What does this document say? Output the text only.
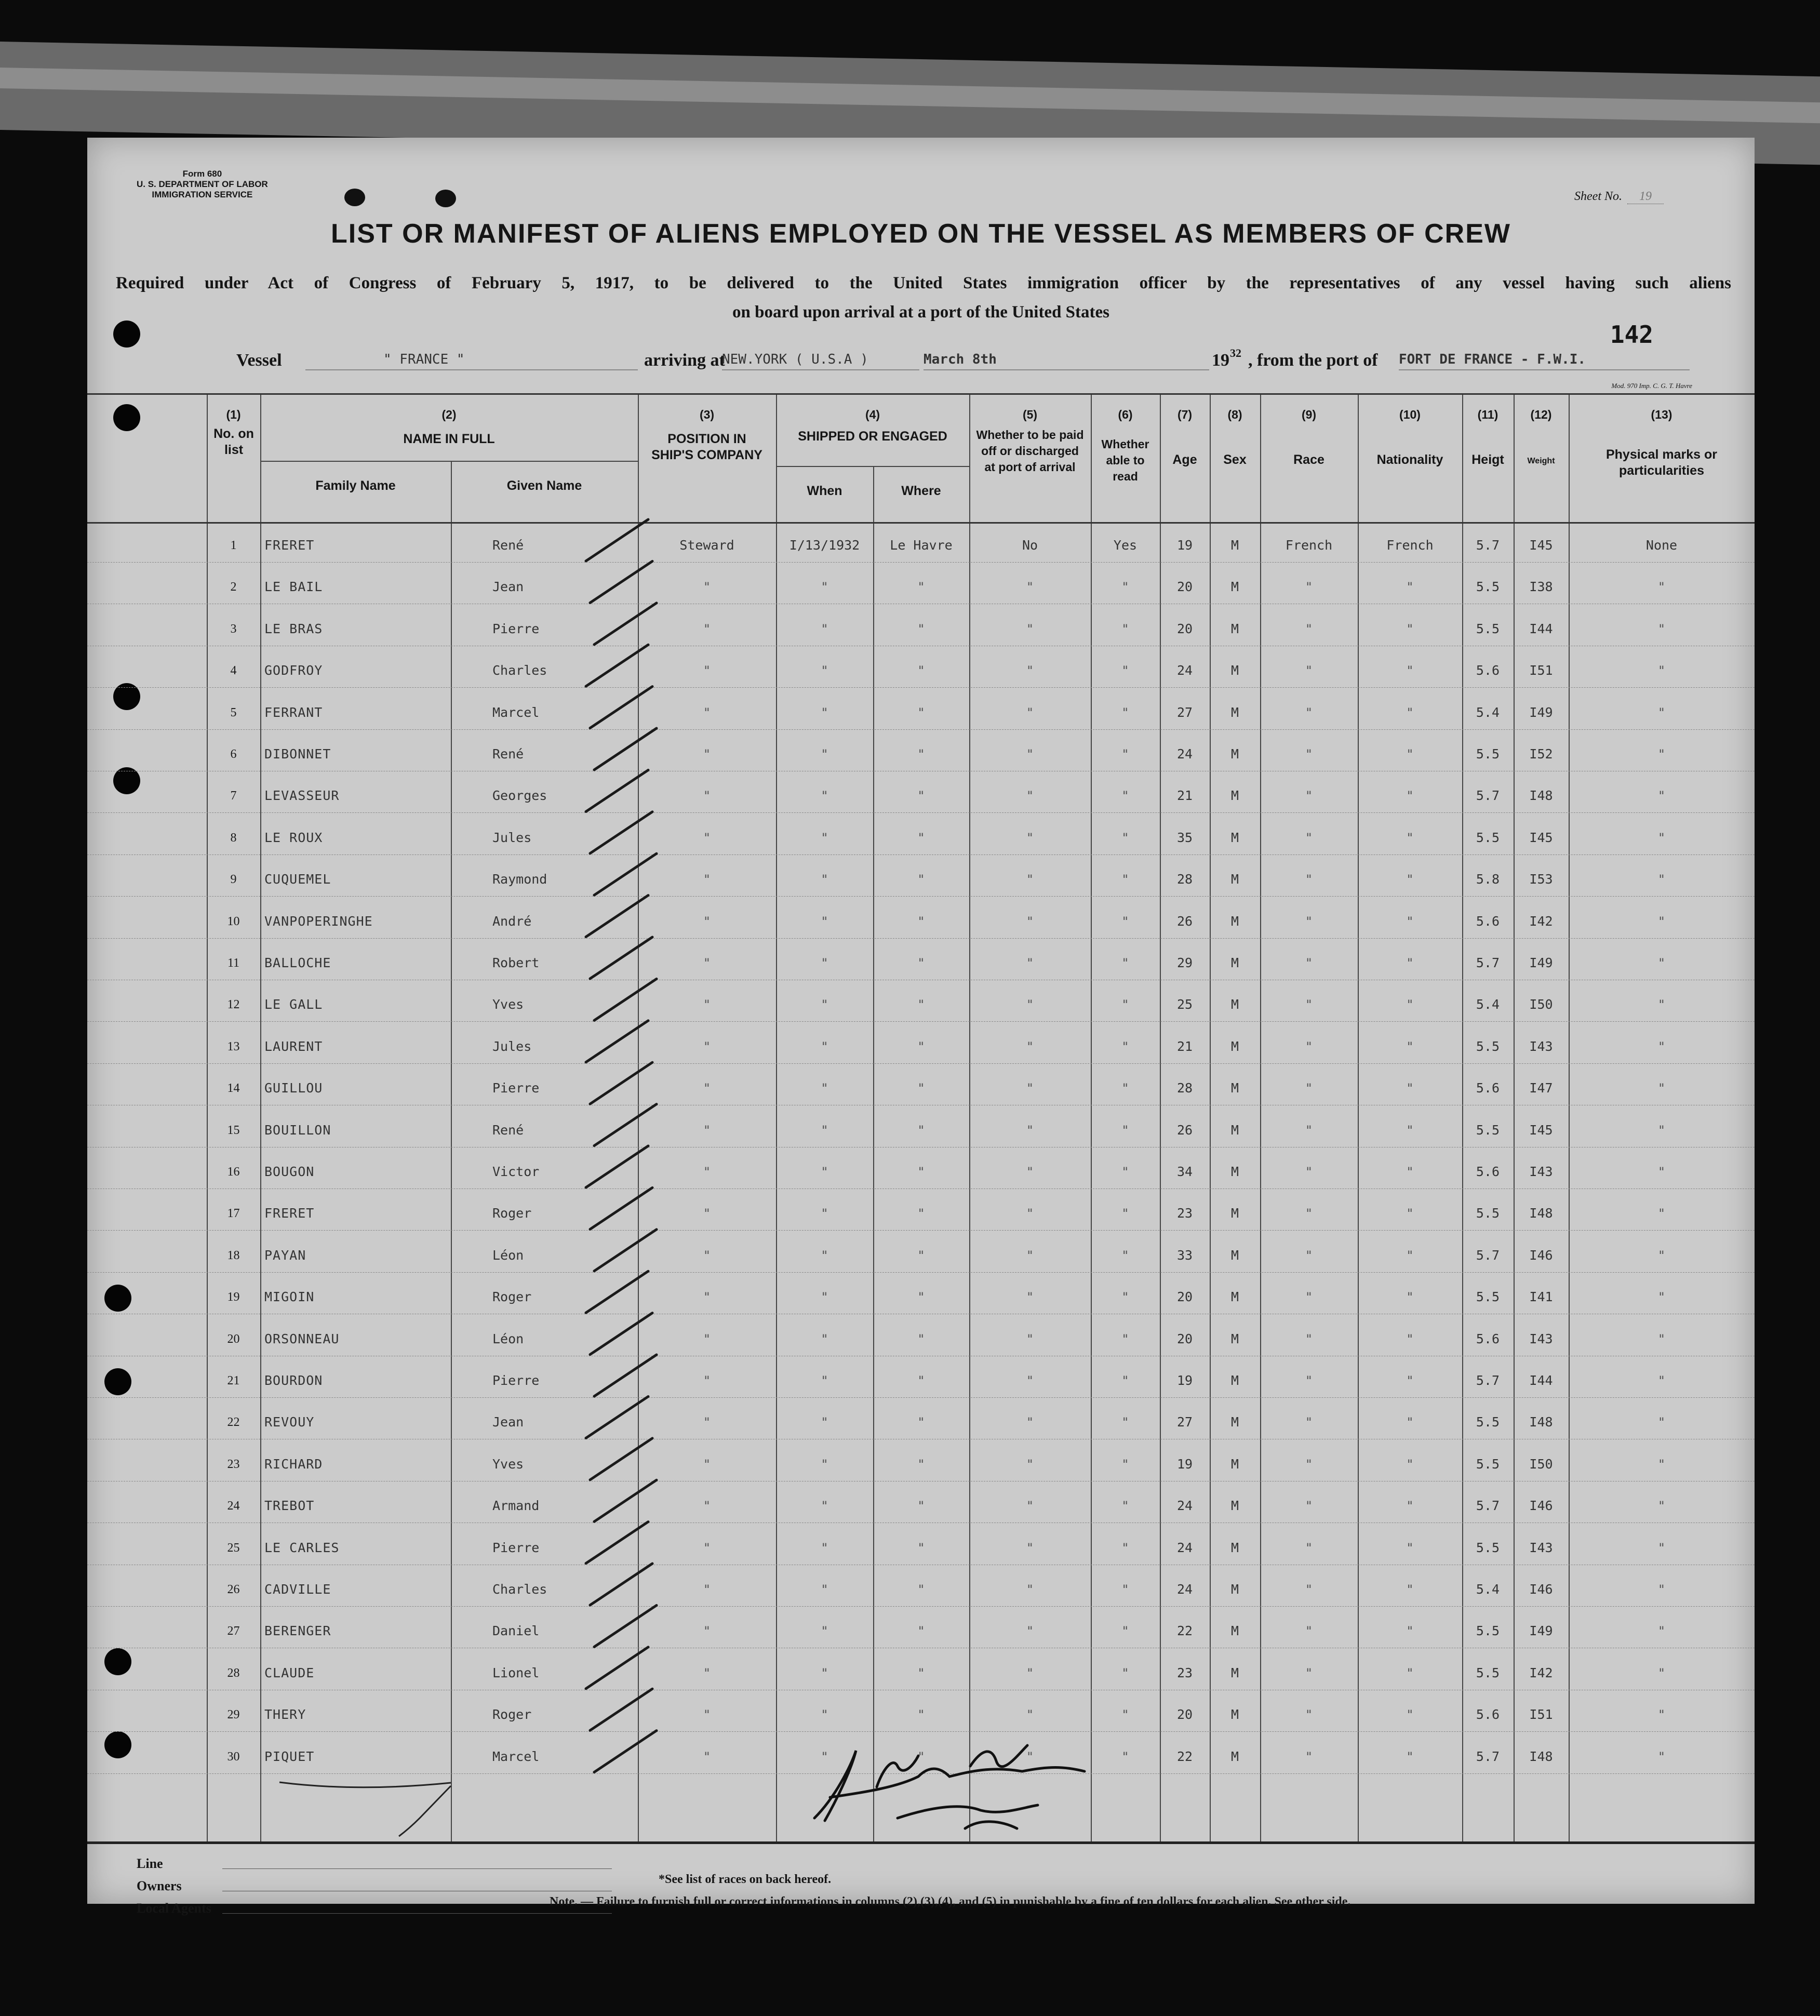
Form 680
U. S. DEPARTMENT OF LABOR
IMMIGRATION SERVICE	Sheet No. 19
LIST OR MANIFEST OF ALIENS EMPLOYED ON THE VESSEL AS MEMBERS OF CREW
Required under Act of Congress of February 5, 1917, to be delivered to the United States immigration officer by the representatives of any vessel having such aliens
on board upon arrival at a port of the United States
142
Vessel	" FRANCE "	arriving at
NEW.YORK ( U.S.A )	March 8th	19 32 , from the port of FORT DE FRANCE - F.W.I.
Mod. 970 Imp. C. G. T. Havre
(1)
No. on list
(2)
NAME IN FULL
Family Name	Given Name
(3)
POSITION IN SHIP'S COMPANY
(4)
SHIPPED OR ENGAGED
When	Where
(5)
Whether to be paid off or discharged at port of arrival
(6)
Whether able to read
(7)
Age
(8)
Sex
(9)
Race
(10)
Nationality
(11)
Heigt
(12)
Weight
(13)
Physical marks or particularities
1	FRERET	René	Steward	I/13/1932	Le Havre	No	Yes	19	M	French	French	5.7	I45	None
2	LE BAIL	Jean	"	"	"	"	"	20	M	"	"	5.5	I38	"
3	LE BRAS	Pierre	"	"	"	"	"	20	M	"	"	5.5	I44	"
4	GODFROY	Charles	"	"	"	"	"	24	M	"	"	5.6	I51	"
5	FERRANT	Marcel	"	"	"	"	"	27	M	"	"	5.4	I49	"
6	DIBONNET	René	"	"	"	"	"	24	M	"	"	5.5	I52	"
7	LEVASSEUR	Georges	"	"	"	"	"	21	M	"	"	5.7	I48	"
8	LE ROUX	Jules	"	"	"	"	"	35	M	"	"	5.5	I45	"
9	CUQUEMEL	Raymond	"	"	"	"	"	28	M	"	"	5.8	I53	"
10	VANPOPERINGHE	André	"	"	"	"	"	26	M	"	"	5.6	I42	"
11	BALLOCHE	Robert	"	"	"	"	"	29	M	"	"	5.7	I49	"
12	LE GALL	Yves	"	"	"	"	"	25	M	"	"	5.4	I50	"
13	LAURENT	Jules	"	"	"	"	"	21	M	"	"	5.5	I43	"
14	GUILLOU	Pierre	"	"	"	"	"	28	M	"	"	5.6	I47	"
15	BOUILLON	René	"	"	"	"	"	26	M	"	"	5.5	I45	"
16	BOUGON	Victor	"	"	"	"	"	34	M	"	"	5.6	I43	"
17	FRERET	Roger	"	"	"	"	"	23	M	"	"	5.5	I48	"
18	PAYAN	Léon	"	"	"	"	"	33	M	"	"	5.7	I46	"
19	MIGOIN	Roger	"	"	"	"	"	20	M	"	"	5.5	I41	"
20	ORSONNEAU	Léon	"	"	"	"	"	20	M	"	"	5.6	I43	"
21	BOURDON	Pierre	"	"	"	"	"	19	M	"	"	5.7	I44	"
22	REVOUY	Jean	"	"	"	"	"	27	M	"	"	5.5	I48	"
23	RICHARD	Yves	"	"	"	"	"	19	M	"	"	5.5	I50	"
24	TREBOT	Armand	"	"	"	"	"	24	M	"	"	5.7	I46	"
25	LE CARLES	Pierre	"	"	"	"	"	24	M	"	"	5.5	I43	"
26	CADVILLE	Charles	"	"	"	"	"	24	M	"	"	5.4	I46	"
27	BERENGER	Daniel	"	"	"	"	"	22	M	"	"	5.5	I49	"
28	CLAUDE	Lionel	"	"	"	"	"	23	M	"	"	5.5	I42	"
29	THERY	Roger	"	"	"	"	"	20	M	"	"	5.6	I51	"
30	PIQUET	Marcel	"	"	"	"	"	22	M	"	"	5.7	I48	"
Line
Owners
Local Agents
*See list of races on back hereof.
Note. — Failure to furnish full or correct informations in columns (2),(3),(4), and (5) in punishable by a fine of ten dollars for each alien. See other side.
